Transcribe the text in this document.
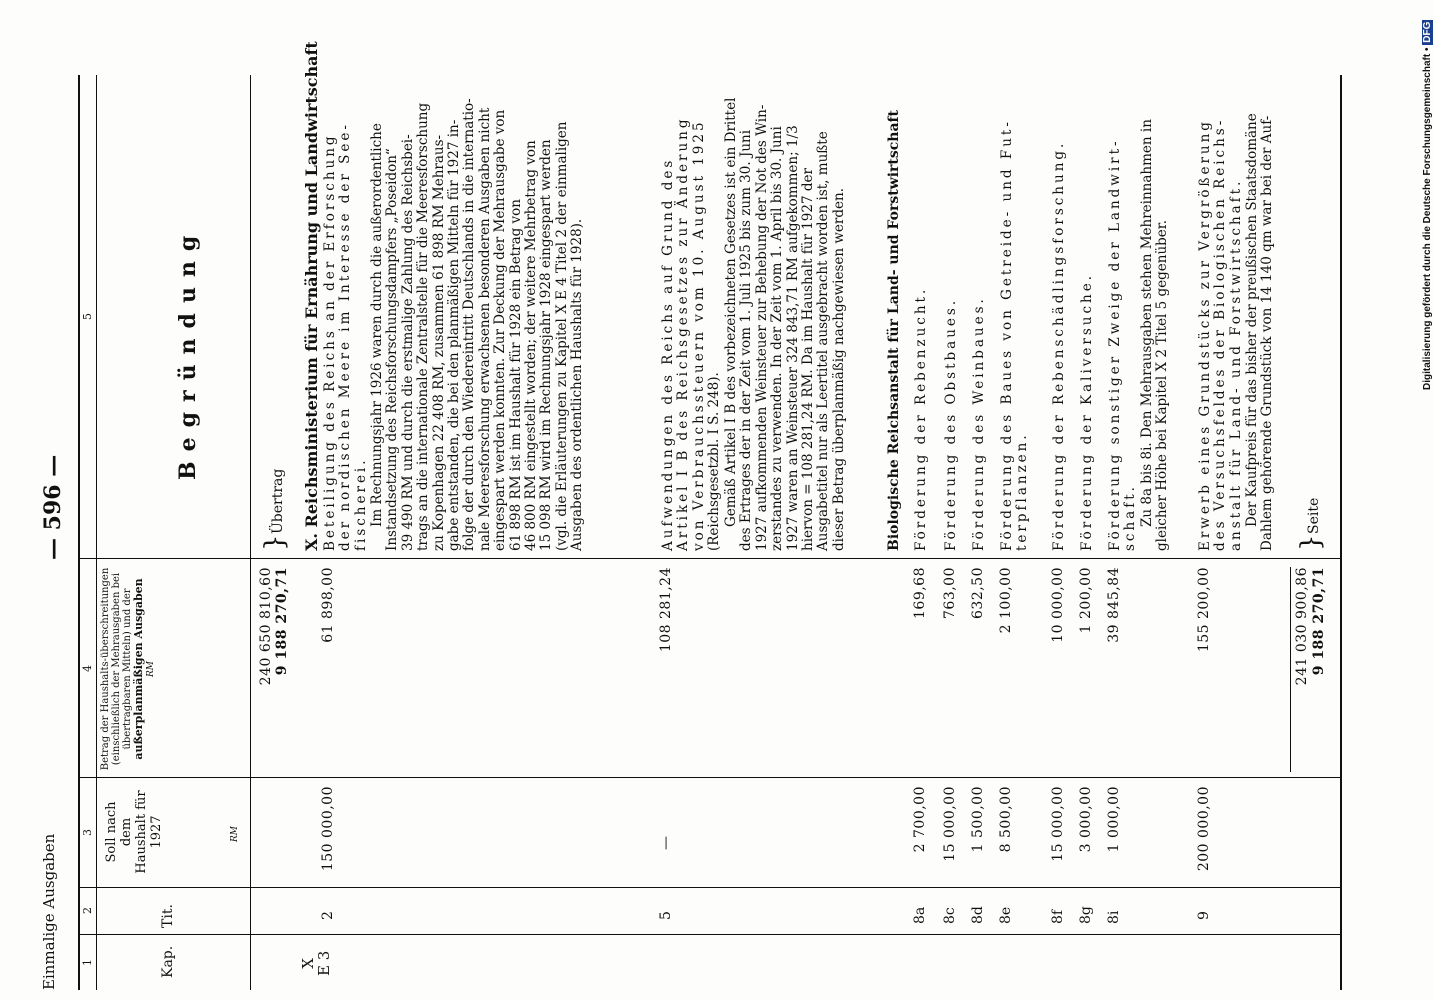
Einmalige Ausgaben
— 596 —
1
2
3
4
5
Kap.
Tit.
Soll nach dem Haushalt für 1927	RM
Betrag der Haushalts-überschreitungen (einschließlich der Mehrausgaben bei übertragbaren Mitteln) und der
außerplanmäßigen Ausgaben
RM
Begründung
240 650 810,60 9 188 270,71
}
Übertrag X. Reichsministerium für Ernährung und Landwirtschaft
X
E 3
2
150 000,00
61 898,00
Beteiligung des Reichs an der Erforschung der nordischen Meere im Interesse der See- fischerei. Im Rechnungsjahr 1926 waren durch die außerordentliche Instandsetzung des Reichsforschungsdampfers „Poseidon“ 39 490 RM und durch die erstmalige Zahlung des Reichsbei- trags an die internationale Zentralstelle für die Meeresforschung zu Kopenhagen 22 408 RM, zusammen 61 898 RM Mehraus- gabe entstanden, die bei den planmäßigen Mitteln für 1927 in- folge der durch den Wiedereintritt Deutschlands in die internatio- nale Meeresforschung erwachsenen besonderen Ausgaben nicht eingespart werden konnten. Zur Deckung der Mehrausgabe von 61 898 RM ist im Haushalt für 1928 ein Betrag von 46 800 RM eingestellt worden; der weitere Mehrbetrag von 15 098 RM wird im Rechnungsjahr 1928 eingespart werden (vgl. die Erläuterungen zu Kapitel X E 4 Titel 2 der einmaligen Ausgaben des ordentlichen Haushalts für 1928).
5
—
108 281,24
Aufwendungen des Reichs auf Grund des Artikel I B des Reichsgesetzes zur Änderung von Verbrauchssteuern vom 10. August 1925 (Reichsgesetzbl. I S. 248). Gemäß Artikel I B des vorbezeichneten Gesetzes ist ein Drittel des Ertrages der in der Zeit vom 1. Juli 1925 bis zum 30. Juni 1927 aufkommenden Weinsteuer zur Behebung der Not des Win- zerstandes zu verwenden. In der Zeit vom 1. April bis 30. Juni 1927 waren an Weinsteuer 324 843,71 RM aufgekommen; 1/3 hiervon = 108 281,24 RM. Da im Haushalt für 1927 der Ausgabetitel nur als Leertitel ausgebracht worden ist, mußte dieser Betrag überplanmäßig nachgewiesen werden.	Biologische Reichsanstalt für Land- und Forstwirtschaft
8a
2 700,00
169,68
Förderung der Rebenzucht.
8c
15 000,00
763,00
Förderung des Obstbaues.
8d
1 500,00
632,50
Förderung des Weinbaues.
8e
8 500,00
2 100,00
Förderung des Baues von Getreide- und Fut- terpflanzen.
8f
15 000,00
10 000,00
Förderung der Rebenschädlingsforschung.
8g
3 000,00
1 200,00
Förderung der Kaliversuche.
8i
1 000,00
39 845,84
Förderung sonstiger Zweige der Landwirt- schaft. Zu 8a bis 8i. Den Mehrausgaben stehen Mehreinnahmen in gleicher Höhe bei Kapitel X 2 Titel 5 gegenüber.
9
200 000,00
155 200,00
Erwerb eines Grundstücks zur Vergrößerung des Versuchsfeldes der Biologischen Reichs- anstalt für Land- und Forstwirtschaft. Der Kaufpreis für das bisher der preußischen Staatsdomäne Dahlem gehörende Grundstück von 14 140 qm war bei der Auf-
241 030 900,86 9 188 270,71
}
Seite
Digitalisierung gefördert durch die Deutsche Forschungsgemeinschaft • DFG
